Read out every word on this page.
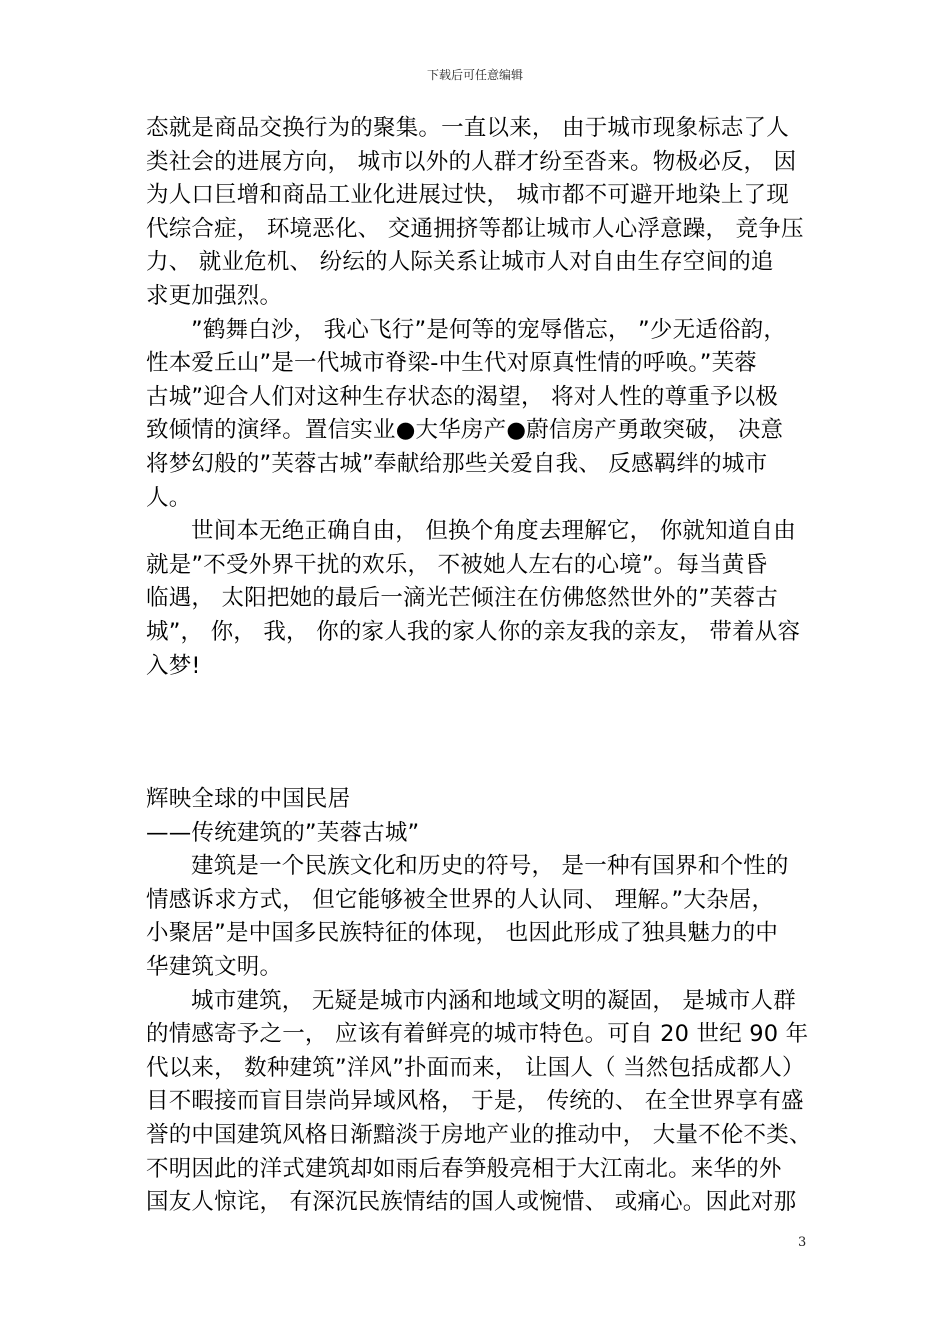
下载后可任意编辑
态就是商品交换行为的聚集。一直以来， 由于城市现象标志了人
类社会的进展方向， 城市以外的人群才纷至沓来。物极必反， 因
为人口巨增和商品工业化进展过快， 城市都不可避开地染上了现
代综合症， 环境恶化、 交通拥挤等都让城市人心浮意躁， 竞争压
力、 就业危机、 纷纭的人际关系让城市人对自由生存空间的追
求更加强烈。
”鹤舞白沙， 我心飞行”是何等的宠辱偕忘， ”少无适俗韵，
性本爱丘山”是一代城市脊梁-中生代对原真性情的呼唤。”芙蓉
古城”迎合人们对这种生存状态的渴望， 将对人性的尊重予以极
致倾情的演绎。置信实业●大华房产●蔚信房产勇敢突破， 决意
将梦幻般的”芙蓉古城”奉献给那些关爱自我、 反感羁绊的城市
人。
世间本无绝正确自由， 但换个角度去理解它， 你就知道自由
就是”不受外界干扰的欢乐， 不被她人左右的心境”。每当黄昏
临遇， 太阳把她的最后一滴光芒倾注在仿佛悠然世外的”芙蓉古
城”， 你， 我， 你的家人我的家人你的亲友我的亲友， 带着从容
入梦!
辉映全球的中国民居
——传统建筑的”芙蓉古城”
建筑是一个民族文化和历史的符号， 是一种有国界和个性的
情感诉求方式， 但它能够被全世界的人认同、 理解。”大杂居，
小聚居”是中国多民族特征的体现， 也因此形成了独具魅力的中
华建筑文明。
城市建筑， 无疑是城市内涵和地域文明的凝固， 是城市人群
的情感寄予之一， 应该有着鲜亮的城市特色。可自 20 世纪 90 年
代以来， 数种建筑”洋风”扑面而来， 让国人（ 当然包括成都人）
目不暇接而盲目崇尚异域风格， 于是， 传统的、 在全世界享有盛
誉的中国建筑风格日渐黯淡于房地产业的推动中， 大量不伦不类、
不明因此的洋式建筑却如雨后春笋般亮相于大江南北。来华的外
国友人惊诧， 有深沉民族情结的国人或惋惜、 或痛心。因此对那
3
